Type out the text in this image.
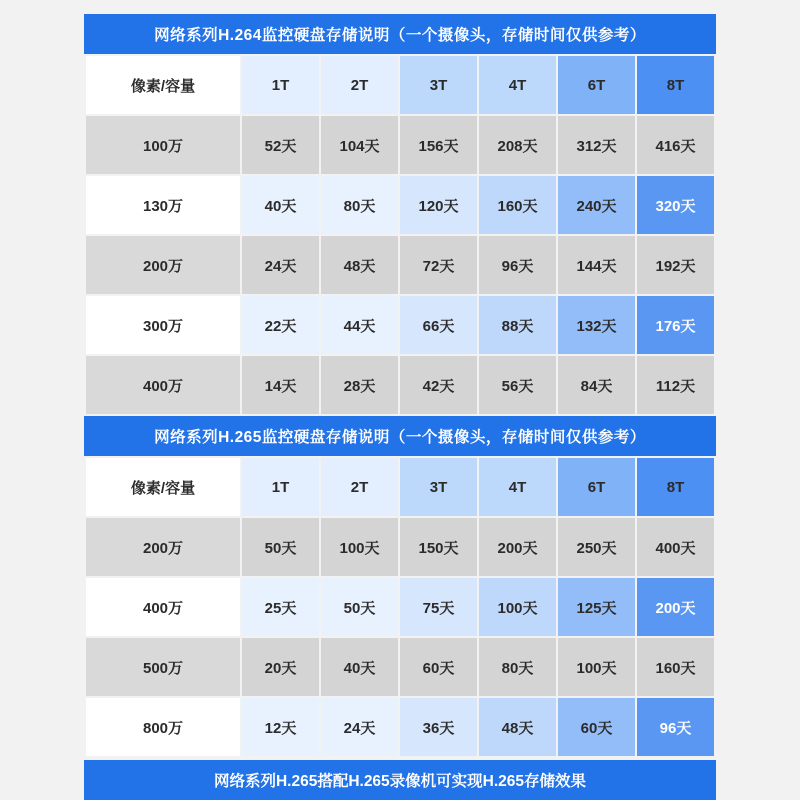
网络系列H.264监控硬盘存储说明（一个摄像头，存储时间仅供参考）
像素/容量	1T	2T	3T	4T	6T	8T
100万	52天	104天	156天	208天	312天	416天
130万	40天	80天	120天	160天	240天	320天
200万	24天	48天	72天	96天	144天	192天
300万	22天	44天	66天	88天	132天	176天
400万	14天	28天	42天	56天	84天	112天
网络系列H.265监控硬盘存储说明（一个摄像头，存储时间仅供参考）
像素/容量	1T	2T	3T	4T	6T	8T
200万	50天	100天	150天	200天	250天	400天
400万	25天	50天	75天	100天	125天	200天
500万	20天	40天	60天	80天	100天	160天
800万	12天	24天	36天	48天	60天	96天
网络系列H.265搭配H.265录像机可实现H.265存储效果
